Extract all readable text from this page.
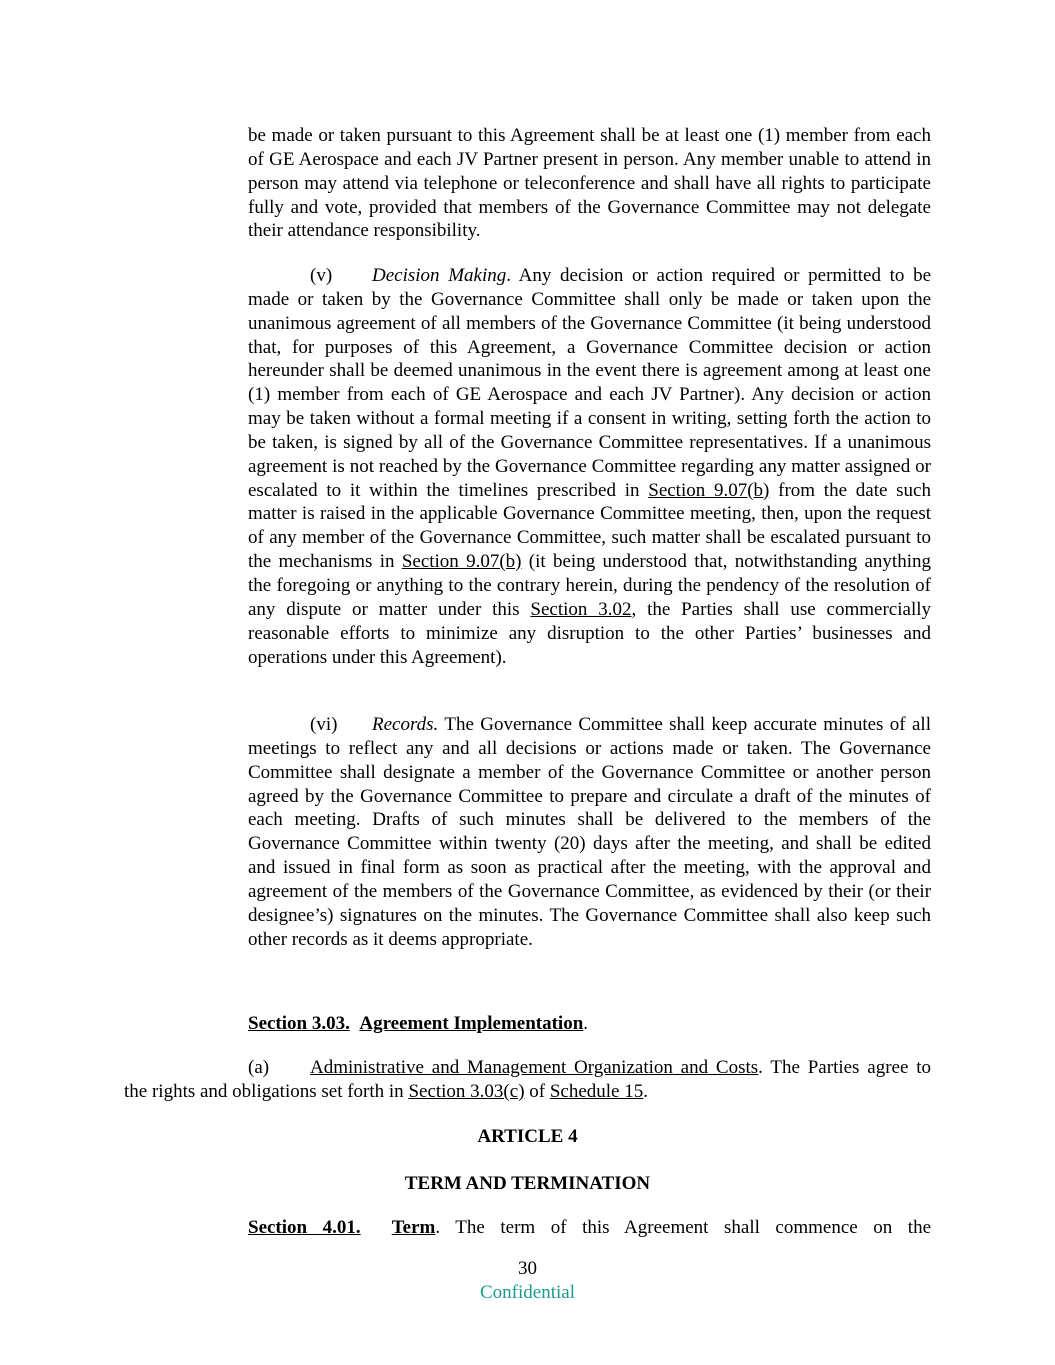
be made or taken pursuant to this Agreement shall be at least one (1) member from each of GE Aerospace and each JV Partner present in person. Any member unable to attend in person may attend via telephone or teleconference and shall have all rights to participate fully and vote, provided that members of the Governance Committee may not delegate their attendance responsibility.

(v) Decision Making. Any decision or action required or permitted to be made or taken by the Governance Committee shall only be made or taken upon the unanimous agreement of all members of the Governance Committee (it being understood that, for purposes of this Agreement, a Governance Committee decision or action hereunder shall be deemed unanimous in the event there is agreement among at least one (1) member from each of GE Aerospace and each JV Partner). Any decision or action may be taken without a formal meeting if a consent in writing, setting forth the action to be taken, is signed by all of the Governance Committee representatives. If a unanimous agreement is not reached by the Governance Committee regarding any matter assigned or escalated to it within the timelines prescribed in Section 9.07(b) from the date such matter is raised in the applicable Governance Committee meeting, then, upon the request of any member of the Governance Committee, such matter shall be escalated pursuant to the mechanisms in Section 9.07(b) (it being understood that, notwithstanding anything the foregoing or anything to the contrary herein, during the pendency of the resolution of any dispute or matter under this Section 3.02, the Parties shall use commercially reasonable efforts to minimize any disruption to the other Parties’ businesses and operations under this Agreement).

(vi) Records. The Governance Committee shall keep accurate minutes of all meetings to reflect any and all decisions or actions made or taken. The Governance Committee shall designate a member of the Governance Committee or another person agreed by the Governance Committee to prepare and circulate a draft of the minutes of each meeting. Drafts of such minutes shall be delivered to the members of the Governance Committee within twenty (20) days after the meeting, and shall be edited and issued in final form as soon as practical after the meeting, with the approval and agreement of the members of the Governance Committee, as evidenced by their (or their designee’s) signatures on the minutes. The Governance Committee shall also keep such other records as it deems appropriate.

Section 3.03. Agreement Implementation.

(a) Administrative and Management Organization and Costs. The Parties agree to the rights and obligations set forth in Section 3.03(c) of Schedule 15.

ARTICLE 4

TERM AND TERMINATION

Section 4.01. Term. The term of this Agreement shall commence on the

30

Confidential
